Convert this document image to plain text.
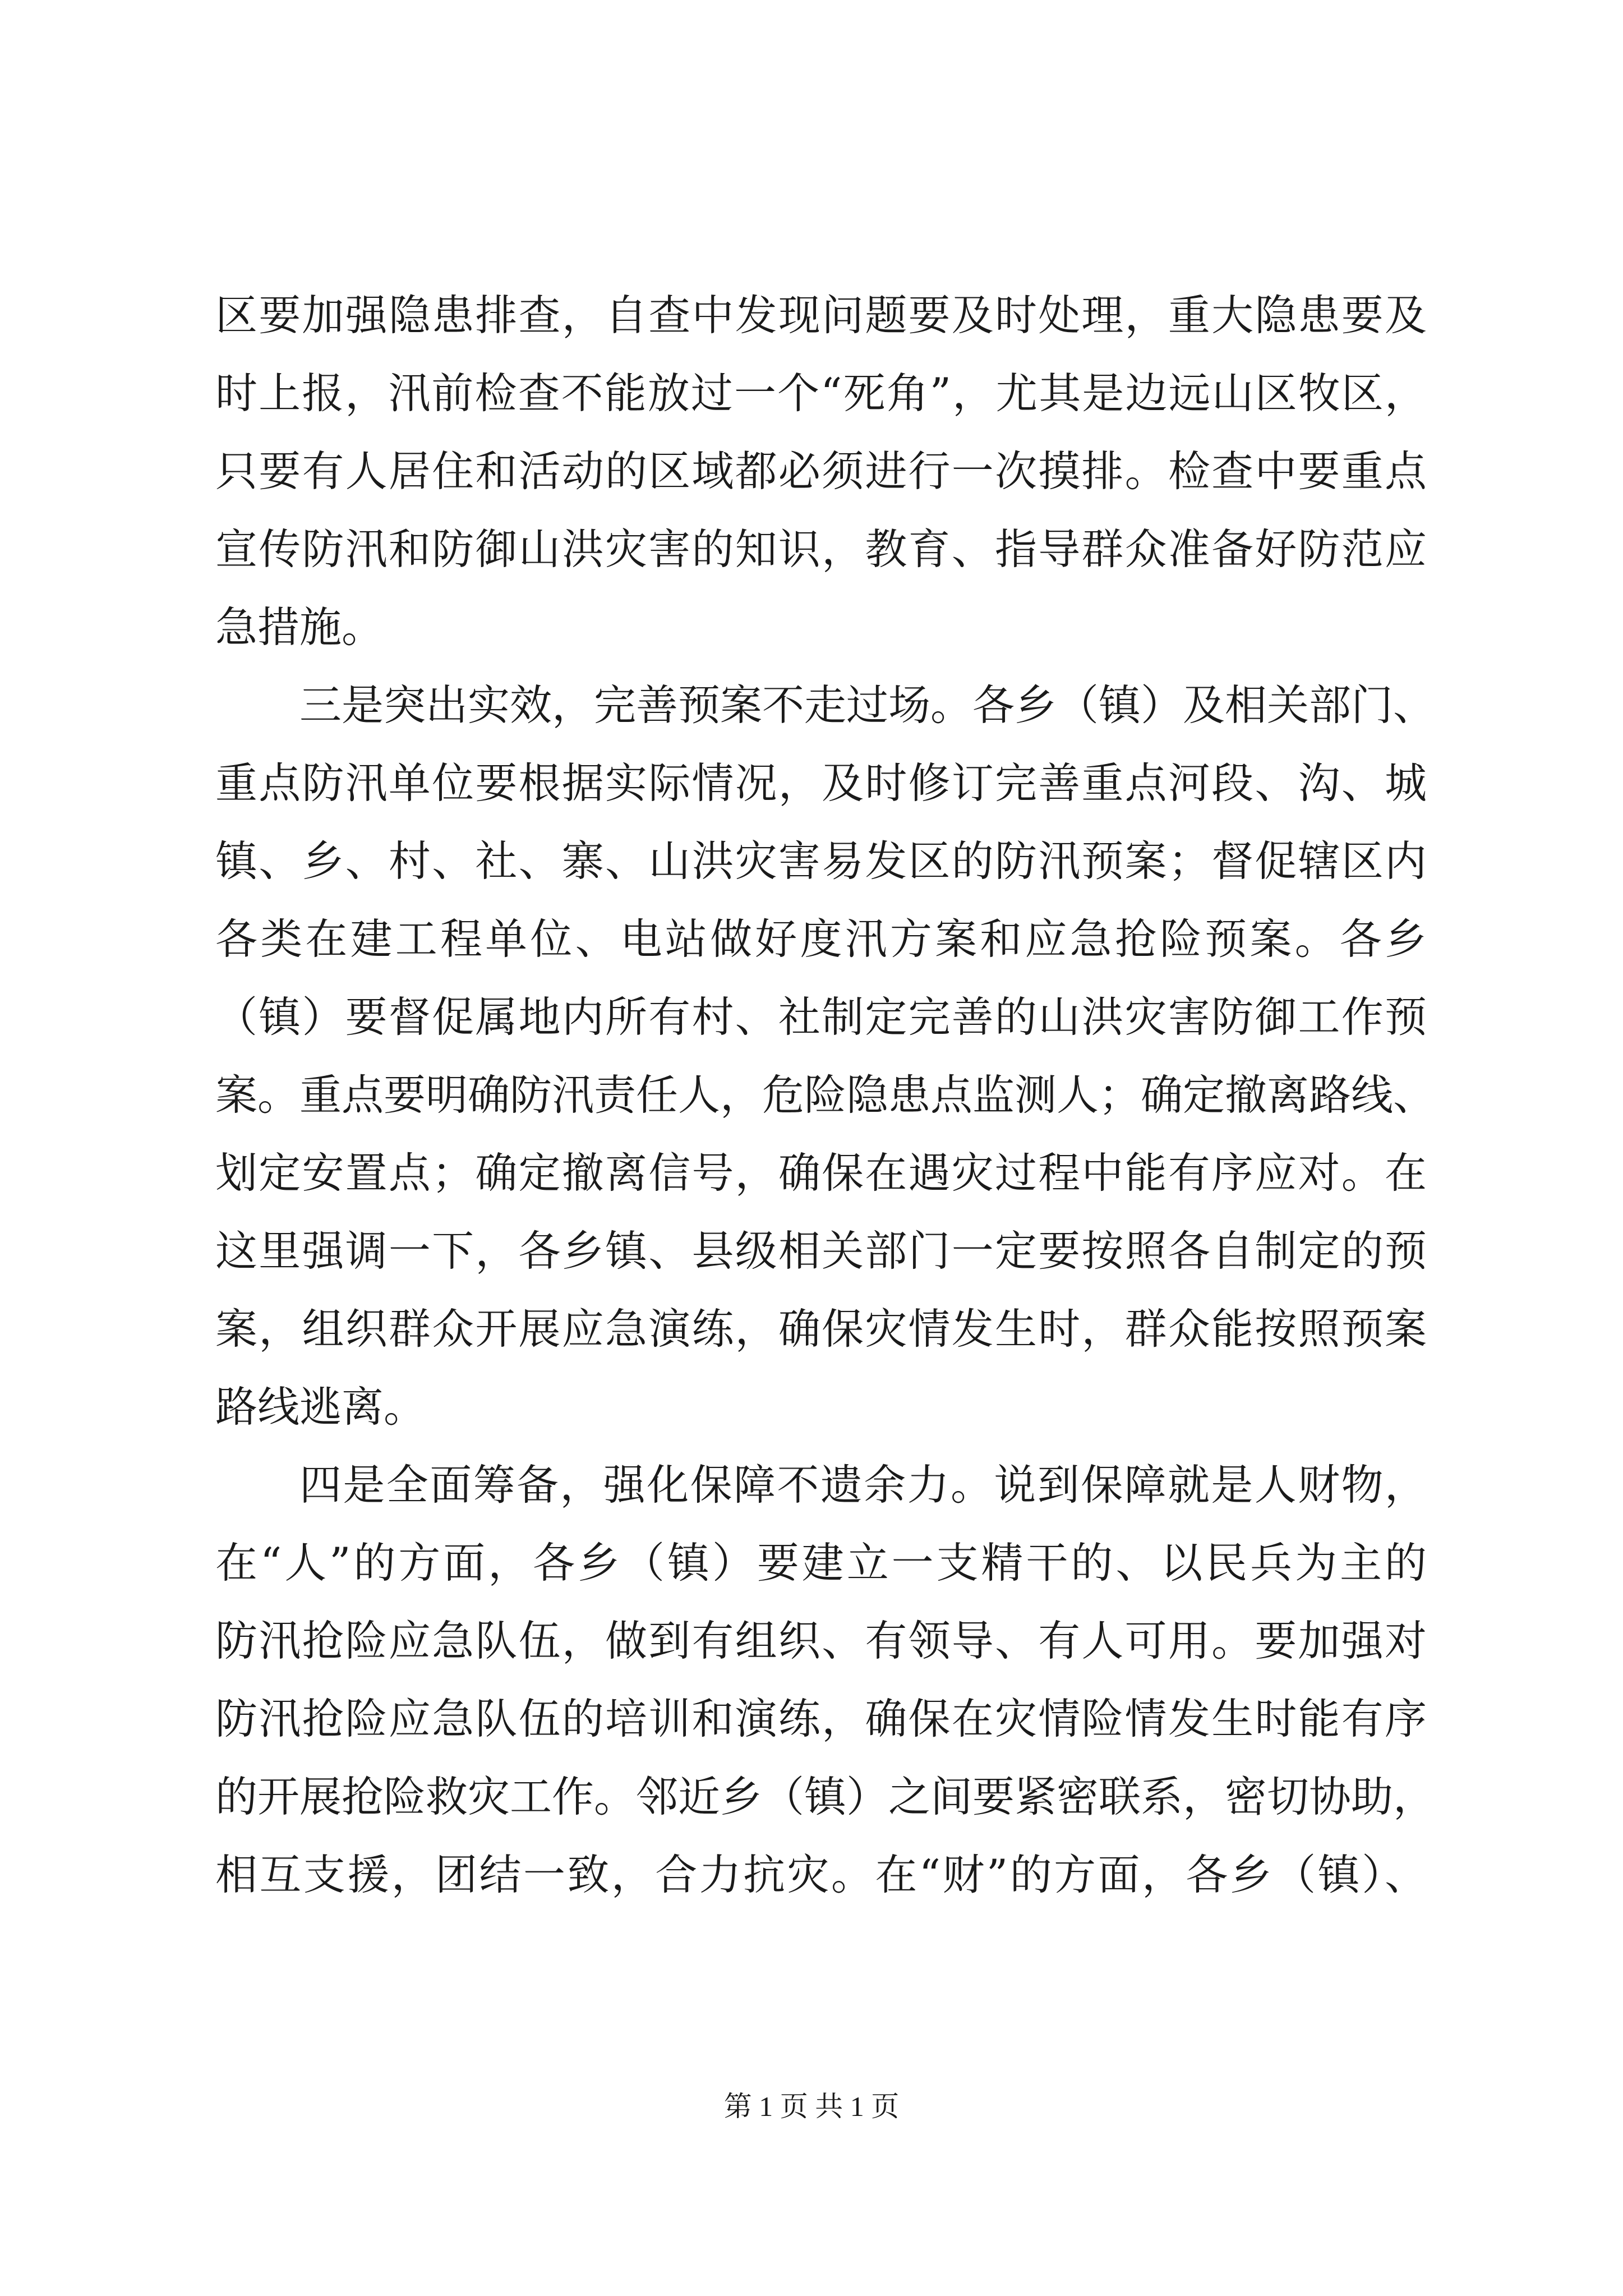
区要加强隐患排查，自查中发现问题要及时处理，重大隐患要及
时上报，汛前检查不能放过一个“死角”，尤其是边远山区牧区，
只要有人居住和活动的区域都必须进行一次摸排。检查中要重点
宣传防汛和防御山洪灾害的知识，教育、指导群众准备好防范应
急措施。
三是突出实效，完善预案不走过场。各乡（镇）及相关部门、
重点防汛单位要根据实际情况，及时修订完善重点河段、沟、城
镇、乡、村、社、寨、山洪灾害易发区的防汛预案；督促辖区内
各类在建工程单位、电站做好度汛方案和应急抢险预案。各乡
（镇）要督促属地内所有村、社制定完善的山洪灾害防御工作预
案。重点要明确防汛责任人，危险隐患点监测人；确定撤离路线、
划定安置点；确定撤离信号，确保在遇灾过程中能有序应对。在
这里强调一下，各乡镇、县级相关部门一定要按照各自制定的预
案，组织群众开展应急演练，确保灾情发生时，群众能按照预案
路线逃离。
四是全面筹备，强化保障不遗余力。说到保障就是人财物，
在“人”的方面，各乡（镇）要建立一支精干的、以民兵为主的
防汛抢险应急队伍，做到有组织、有领导、有人可用。要加强对
防汛抢险应急队伍的培训和演练，确保在灾情险情发生时能有序
的开展抢险救灾工作。邻近乡（镇）之间要紧密联系，密切协助，
相互支援，团结一致，合力抗灾。在“财”的方面，各乡（镇）、
第 1 页 共 1 页
